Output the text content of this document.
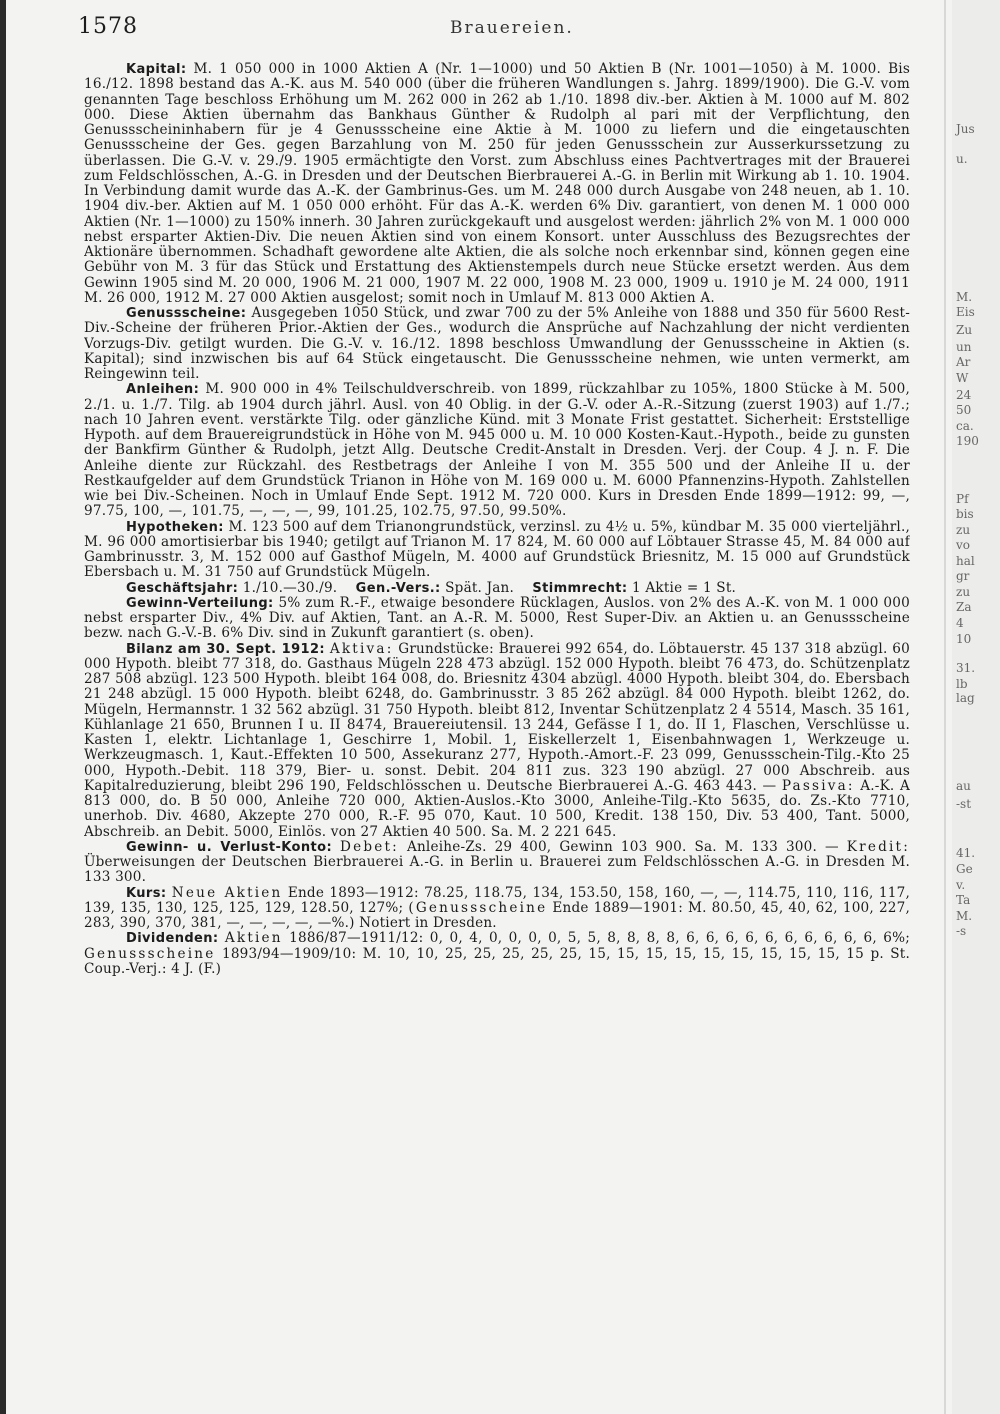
1578	Brauereien.

Kapital: M. 1 050 000 in 1000 Aktien A (Nr. 1—1000) und 50 Aktien B (Nr. 1001—1050) à M. 1000. Bis 16./12. 1898 bestand das A.-K. aus M. 540 000 (über die früheren Wandlungen s. Jahrg. 1899/1900). Die G.-V. vom genannten Tage beschloss Erhöhung um M. 262 000 in 262 ab 1./10. 1898 div.-ber. Aktien à M. 1000 auf M. 802 000. Diese Aktien übernahm das Bankhaus Günther & Rudolph al pari mit der Verpflichtung, den Genussscheininhabern für je 4 Genussscheine eine Aktie à M. 1000 zu liefern und die eingetauschten Genussscheine der Ges. gegen Barzahlung von M. 250 für jeden Genussschein zur Ausserkurssetzung zu überlassen. Die G.-V. v. 29./9. 1905 ermächtigte den Vorst. zum Abschluss eines Pachtvertrages mit der Brauerei zum Feldschlösschen, A.-G. in Dresden und der Deutschen Bierbrauerei A.-G. in Berlin mit Wirkung ab 1. 10. 1904. In Verbindung damit wurde das A.-K. der Gambrinus-Ges. um M. 248 000 durch Ausgabe von 248 neuen, ab 1. 10. 1904 div.-ber. Aktien auf M. 1 050 000 erhöht. Für das A.-K. werden 6% Div. garantiert, von denen M. 1 000 000 Aktien (Nr. 1—1000) zu 150% innerh. 30 Jahren zurückgekauft und ausgelost werden: jährlich 2% von M. 1 000 000 nebst ersparter Aktien-Div. Die neuen Aktien sind von einem Konsort. unter Ausschluss des Bezugsrechtes der Aktionäre übernommen. Schadhaft gewordene alte Aktien, die als solche noch erkennbar sind, können gegen eine Gebühr von M. 3 für das Stück und Erstattung des Aktienstempels durch neue Stücke ersetzt werden. Aus dem Gewinn 1905 sind M. 20 000, 1906 M. 21 000, 1907 M. 22 000, 1908 M. 23 000, 1909 u. 1910 je M. 24 000, 1911 M. 26 000, 1912 M. 27 000 Aktien ausgelost; somit noch in Umlauf M. 813 000 Aktien A.

Genussscheine: Ausgegeben 1050 Stück, und zwar 700 zu der 5% Anleihe von 1888 und 350 für 5600 Rest-Div.-Scheine der früheren Prior.-Aktien der Ges., wodurch die Ansprüche auf Nachzahlung der nicht verdienten Vorzugs-Div. getilgt wurden. Die G.-V. v. 16./12. 1898 beschloss Umwandlung der Genussscheine in Aktien (s. Kapital); sind inzwischen bis auf 64 Stück eingetauscht. Die Genussscheine nehmen, wie unten vermerkt, am Reingewinn teil.

Anleihen: M. 900 000 in 4% Teilschuldverschreib. von 1899, rückzahlbar zu 105%, 1800 Stücke à M. 500, 2./1. u. 1./7. Tilg. ab 1904 durch jährl. Ausl. von 40 Oblig. in der G.-V. oder A.-R.-Sitzung (zuerst 1903) auf 1./7.; nach 10 Jahren event. verstärkte Tilg. oder gänzliche Künd. mit 3 Monate Frist gestattet. Sicherheit: Erststellige Hypoth. auf dem Brauereigrundstück in Höhe von M. 945 000 u. M. 10 000 Kosten-Kaut.-Hypoth., beide zu gunsten der Bankfirm Günther & Rudolph, jetzt Allg. Deutsche Credit-Anstalt in Dresden. Verj. der Coup. 4 J. n. F. Die Anleihe diente zur Rückzahl. des Restbetrags der Anleihe I von M. 355 500 und der Anleihe II u. der Restkaufgelder auf dem Grundstück Trianon in Höhe von M. 169 000 u. M. 6000 Pfannenzins-Hypoth. Zahlstellen wie bei Div.-Scheinen. Noch in Umlauf Ende Sept. 1912 M. 720 000. Kurs in Dresden Ende 1899—1912: 99, —, 97.75, 100, —, 101.75, —, —, —, 99, 101.25, 102.75, 97.50, 99.50%.

Hypotheken: M. 123 500 auf dem Trianongrundstück, verzinsl. zu 4½ u. 5%, kündbar M. 35 000 vierteljährl., M. 96 000 amortisierbar bis 1940; getilgt auf Trianon M. 17 824, M. 60 000 auf Löbtauer Strasse 45, M. 84 000 auf Gambrinusstr. 3, M. 152 000 auf Gasthof Mügeln, M. 4000 auf Grundstück Briesnitz, M. 15 000 auf Grundstück Ebersbach u. M. 31 750 auf Grundstück Mügeln.

Geschäftsjahr: 1./10.—30./9.  Gen.-Vers.: Spät. Jan.  Stimmrecht: 1 Aktie = 1 St.

Gewinn-Verteilung: 5% zum R.-F., etwaige besondere Rücklagen, Auslos. von 2% des A.-K. von M. 1 000 000 nebst ersparter Div., 4% Div. auf Aktien, Tant. an A.-R. M. 5000, Rest Super-Div. an Aktien u. an Genussscheine bezw. nach G.-V.-B. 6% Div. sind in Zukunft garantiert (s. oben).

Bilanz am 30. Sept. 1912: Aktiva: Grundstücke: Brauerei 992 654, do. Löbtauerstr. 45 137 318 abzügl. 60 000 Hypoth. bleibt 77 318, do. Gasthaus Mügeln 228 473 abzügl. 152 000 Hypoth. bleibt 76 473, do. Schützenplatz 287 508 abzügl. 123 500 Hypoth. bleibt 164 008, do. Briesnitz 4304 abzügl. 4000 Hypoth. bleibt 304, do. Ebersbach 21 248 abzügl. 15 000 Hypoth. bleibt 6248, do. Gambrinusstr. 3 85 262 abzügl. 84 000 Hypoth. bleibt 1262, do. Mügeln, Hermannstr. 1 32 562 abzügl. 31 750 Hypoth. bleibt 812, Inventar Schützenplatz 2 4 5514, Masch. 35 161, Kühlanlage 21 650, Brunnen I u. II 8474, Brauereiutensil. 13 244, Gefässe I 1, do. II 1, Flaschen, Verschlüsse u. Kasten 1, elektr. Lichtanlage 1, Geschirre 1, Mobil. 1, Eiskellerzelt 1, Eisenbahnwagen 1, Werkzeuge u. Werkzeugmasch. 1, Kaut.-Effekten 10 500, Assekuranz 277, Hypoth.-Amort.-F. 23 099, Genussschein-Tilg.-Kto 25 000, Hypoth.-Debit. 118 379, Bier- u. sonst. Debit. 204 811 zus. 323 190 abzügl. 27 000 Abschreib. aus Kapitalreduzierung, bleibt 296 190, Feldschlösschen u. Deutsche Bierbrauerei A.-G. 463 443. — Passiva: A.-K. A 813 000, do. B 50 000, Anleihe 720 000, Aktien-Auslos.-Kto 3000, Anleihe-Tilg.-Kto 5635, do. Zs.-Kto 7710, unerhob. Div. 4680, Akzepte 270 000, R.-F. 95 070, Kaut. 10 500, Kredit. 138 150, Div. 53 400, Tant. 5000, Abschreib. an Debit. 5000, Einlös. von 27 Aktien 40 500. Sa. M. 2 221 645.

Gewinn- u. Verlust-Konto: Debet: Anleihe-Zs. 29 400, Gewinn 103 900. Sa. M. 133 300. — Kredit: Überweisungen der Deutschen Bierbrauerei A.-G. in Berlin u. Brauerei zum Feldschlösschen A.-G. in Dresden M. 133 300.

Kurs: Neue Aktien Ende 1893—1912: 78.25, 118.75, 134, 153.50, 158, 160, —, —, 114.75, 110, 116, 117, 139, 135, 130, 125, 125, 129, 128.50, 127%; (Genussscheine Ende 1889—1901: M. 80.50, 45, 40, 62, 100, 227, 283, 390, 370, 381, —, —, —, —, —%.) Notiert in Dresden.

Dividenden: Aktien 1886/87—1911/12: 0, 0, 4, 0, 0, 0, 0, 5, 5, 8, 8, 8, 8, 6, 6, 6, 6, 6, 6, 6, 6, 6, 6, 6%; Genussscheine 1893/94—1909/10: M. 10, 10, 25, 25, 25, 25, 25, 15, 15, 15, 15, 15, 15, 15, 15, 15, 15 p. St. Coup.-Verj.: 4 J. (F.)

Jus
u.
M.
Eis
Zu
un
Ar
W
24
50
ca.
190
Pf
bis
zu
vo
hal
gr
zu
Za
4
10
31.
lb
lag
au
-st
41.
Ge
v.
Ta
M.
-s
